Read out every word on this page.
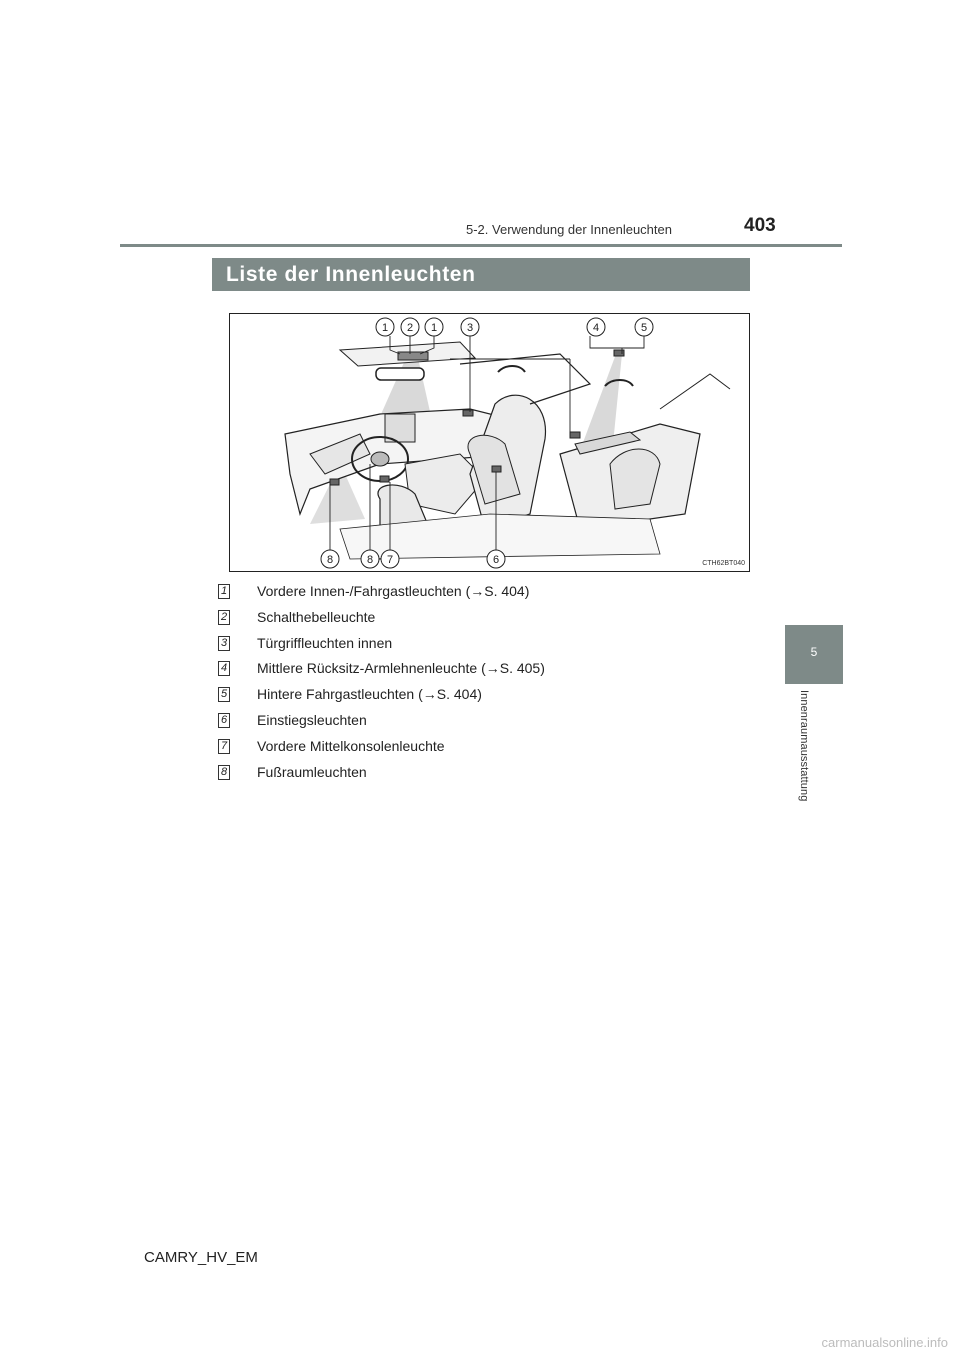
5-2. Verwendung der Innenleuchten	403
5
Innenraumausstattung
Liste der Innenleuchten
1 2 1	3	4	5
8	8 7	6	CTH62BT040
1 Vordere Innen-/Fahrgastleuchten (→S. 404)
2 Schalthebelleuchte
3 Türgriffleuchten innen
4 Mittlere Rücksitz-Armlehnenleuchte (→S. 405)
5 Hintere Fahrgastleuchten (→S. 404)
6 Einstiegsleuchten
7 Vordere Mittelkonsolenleuchte
8 Fußraumleuchten
CAMRY_HV_EM
carmanualsonline.info
